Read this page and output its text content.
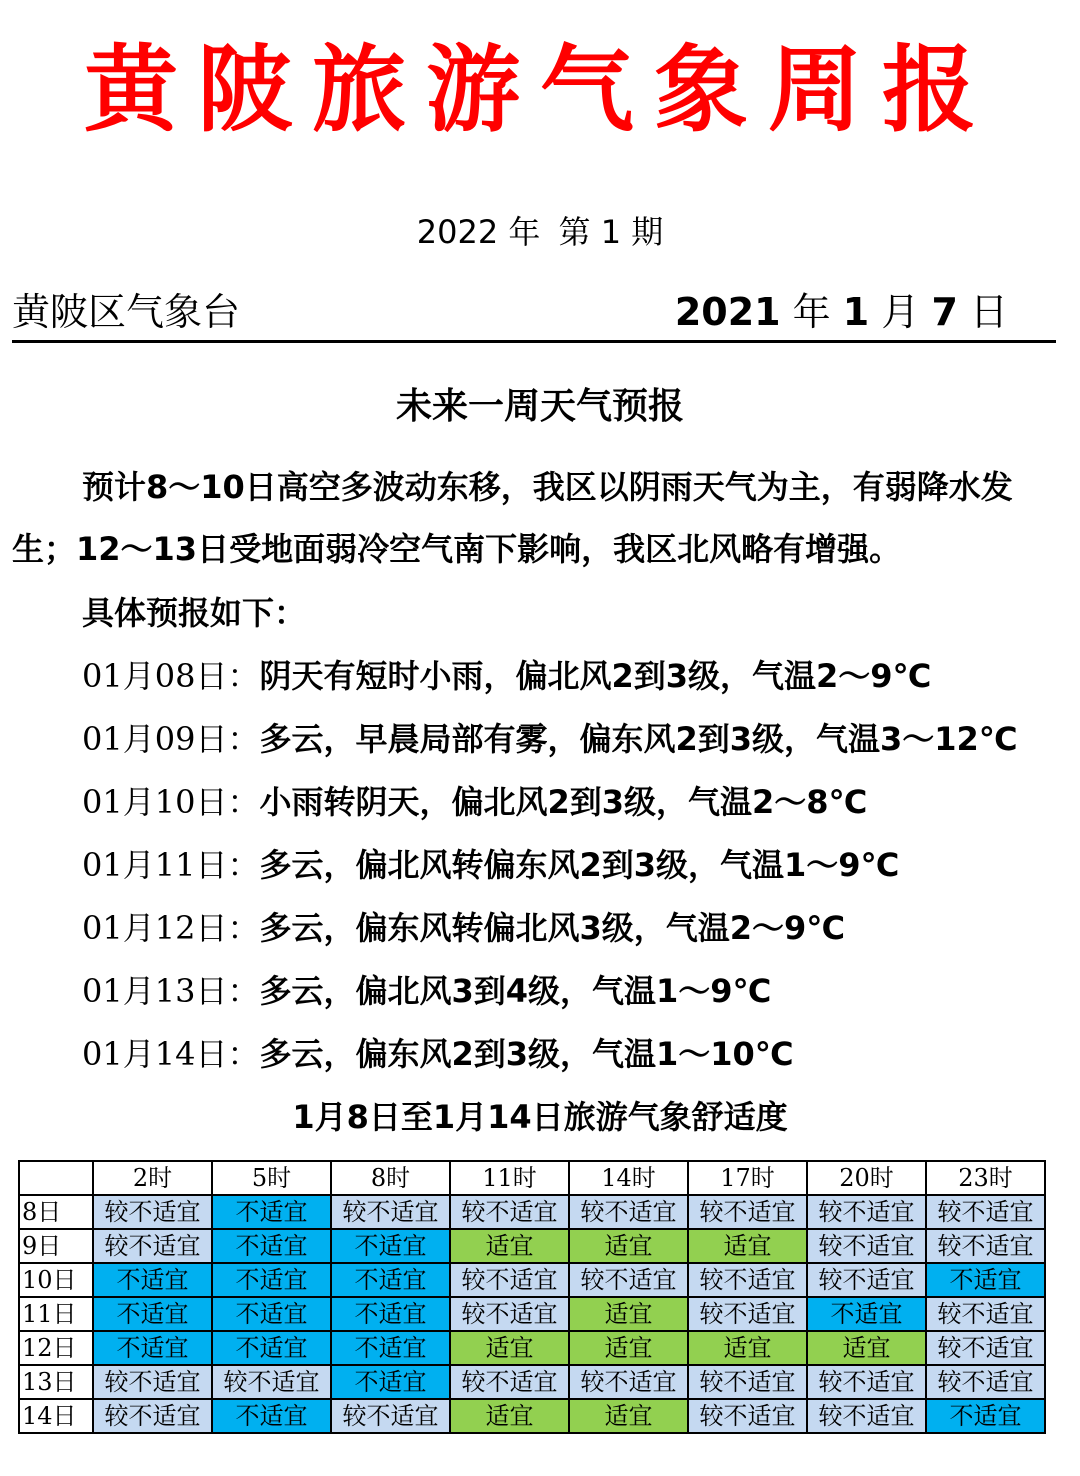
黄陂旅游气象周报
2022 年 第 1 期
黄陂区气象台	2021 年 1 月 7 日
未来一周天气预报

预计8～10日高空多波动东移，我区以阴雨天气为主，有弱降水发生；12～13日受地面弱冷空气南下影响，我区北风略有增强。

具体预报如下：
01月08日：阴天有短时小雨，偏北风2到3级，气温2～9℃
01月09日：多云，早晨局部有雾，偏东风2到3级，气温3～12℃
01月10日：小雨转阴天，偏北风2到3级，气温2～8℃
01月11日：多云，偏北风转偏东风2到3级，气温1～9℃
01月12日：多云，偏东风转偏北风3级，气温2～9℃
01月13日：多云，偏北风3到4级，气温1～9℃
01月14日：多云，偏东风2到3级，气温1～10℃
1月8日至1月14日旅游气象舒适度
	2时	5时	8时	11时	14时	17时	20时	23时
8日	较不适宜	不适宜	较不适宜	较不适宜	较不适宜	较不适宜	较不适宜	较不适宜
9日	较不适宜	不适宜	不适宜	适宜	适宜	适宜	较不适宜	较不适宜
10日	不适宜	不适宜	不适宜	较不适宜	较不适宜	较不适宜	较不适宜	不适宜
11日	不适宜	不适宜	不适宜	较不适宜	适宜	较不适宜	不适宜	较不适宜
12日	不适宜	不适宜	不适宜	适宜	适宜	适宜	适宜	较不适宜
13日	较不适宜	较不适宜	不适宜	较不适宜	较不适宜	较不适宜	较不适宜	较不适宜
14日	较不适宜	不适宜	较不适宜	适宜	适宜	较不适宜	较不适宜	不适宜
